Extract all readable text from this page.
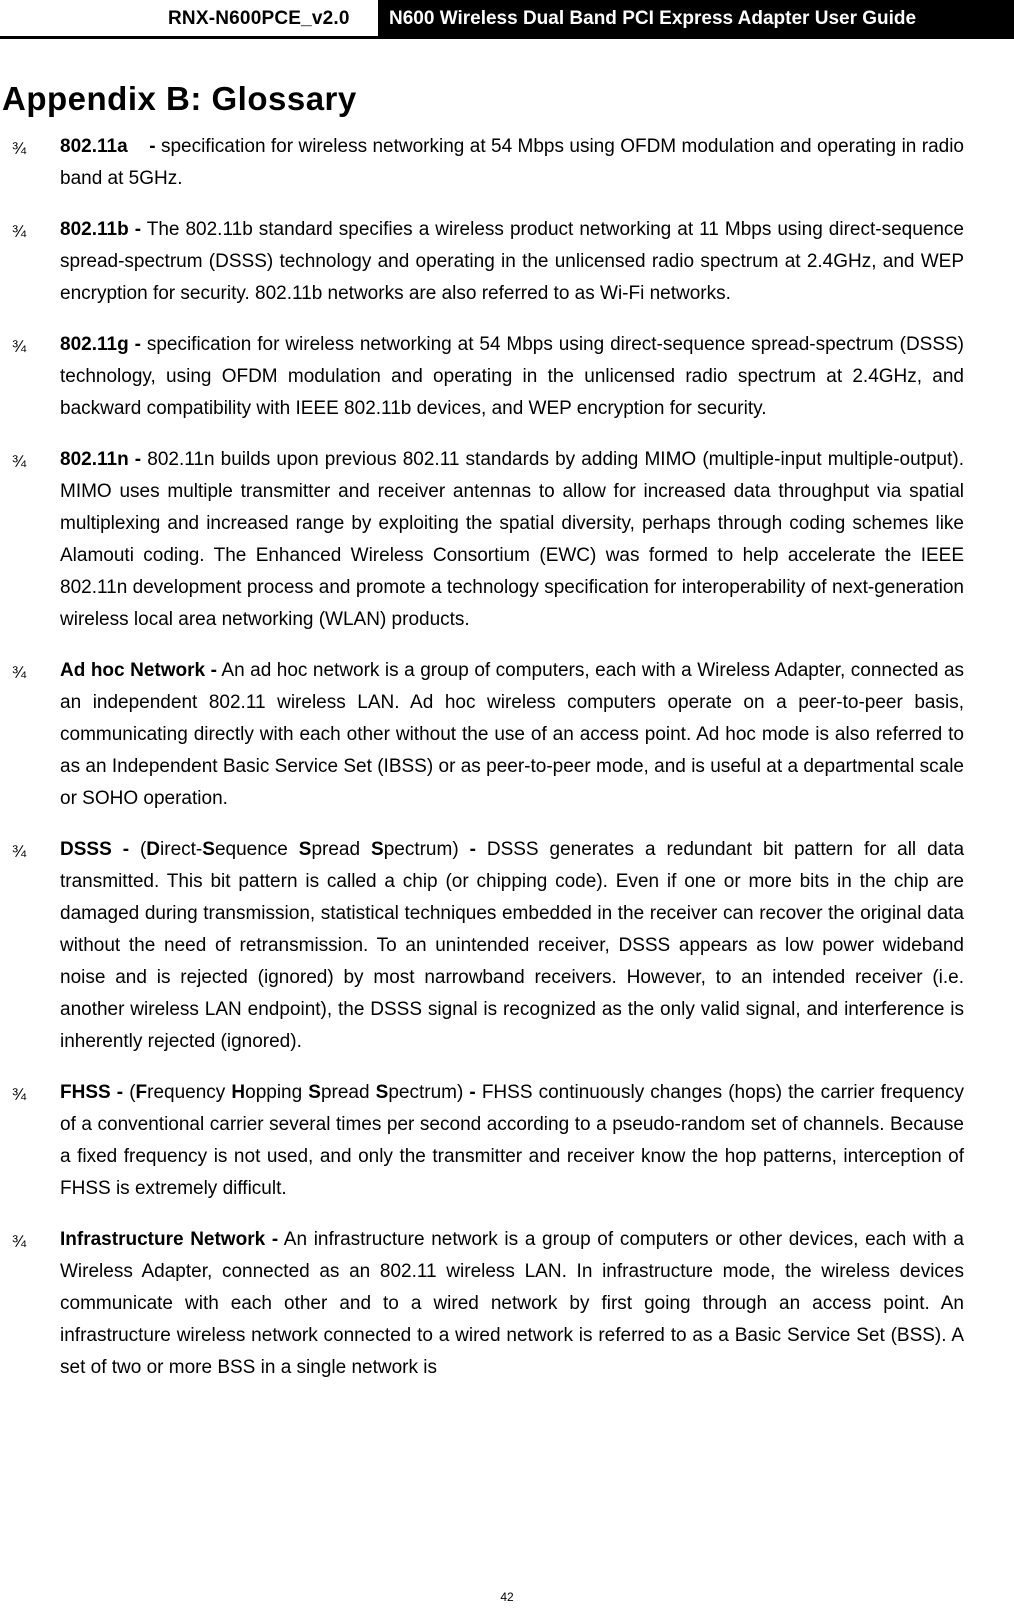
RNX-N600PCE_v2.0	N600 Wireless Dual Band PCI Express Adapter User Guide
Appendix B: Glossary
¾ 802.11a - specification for wireless networking at 54 Mbps using OFDM modulation and operating in radio band at 5GHz.

¾ 802.11b - The 802.11b standard specifies a wireless product networking at 11 Mbps using direct-sequence spread-spectrum (DSSS) technology and operating in the unlicensed radio spectrum at 2.4GHz, and WEP encryption for security. 802.11b networks are also referred to as Wi-Fi networks.

¾ 802.11g - specification for wireless networking at 54 Mbps using direct-sequence spread-spectrum (DSSS) technology, using OFDM modulation and operating in the unlicensed radio spectrum at 2.4GHz, and backward compatibility with IEEE 802.11b devices, and WEP encryption for security.

¾ 802.11n - 802.11n builds upon previous 802.11 standards by adding MIMO (multiple-input multiple-output). MIMO uses multiple transmitter and receiver antennas to allow for increased data throughput via spatial multiplexing and increased range by exploiting the spatial diversity, perhaps through coding schemes like Alamouti coding. The Enhanced Wireless Consortium (EWC) was formed to help accelerate the IEEE 802.11n development process and promote a technology specification for interoperability of next-generation wireless local area networking (WLAN) products.

¾ Ad hoc Network - An ad hoc network is a group of computers, each with a Wireless Adapter, connected as an independent 802.11 wireless LAN. Ad hoc wireless computers operate on a peer-to-peer basis, communicating directly with each other without the use of an access point. Ad hoc mode is also referred to as an Independent Basic Service Set (IBSS) or as peer-to-peer mode, and is useful at a departmental scale or SOHO operation.

¾ DSSS - (Direct-Sequence Spread Spectrum) - DSSS generates a redundant bit pattern for all data transmitted. This bit pattern is called a chip (or chipping code). Even if one or more bits in the chip are damaged during transmission, statistical techniques embedded in the receiver can recover the original data without the need of retransmission. To an unintended receiver, DSSS appears as low power wideband noise and is rejected (ignored) by most narrowband receivers. However, to an intended receiver (i.e. another wireless LAN endpoint), the DSSS signal is recognized as the only valid signal, and interference is inherently rejected (ignored).

¾ FHSS - (Frequency Hopping Spread Spectrum) - FHSS continuously changes (hops) the carrier frequency of a conventional carrier several times per second according to a pseudo-random set of channels. Because a fixed frequency is not used, and only the transmitter and receiver know the hop patterns, interception of FHSS is extremely difficult.

¾ Infrastructure Network - An infrastructure network is a group of computers or other devices, each with a Wireless Adapter, connected as an 802.11 wireless LAN. In infrastructure mode, the wireless devices communicate with each other and to a wired network by first going through an access point. An infrastructure wireless network connected to a wired network is referred to as a Basic Service Set (BSS). A set of two or more BSS in a single network is

42
